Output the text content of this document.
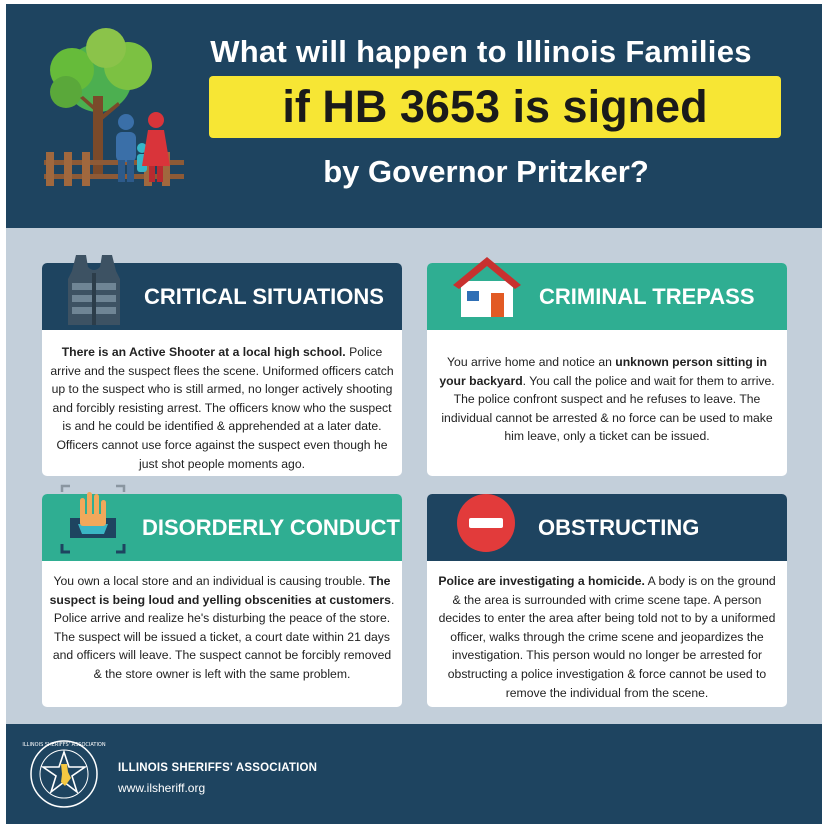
What will happen to Illinois Families
if HB 3653 is signed
by Governor Pritzker?
CRITICAL SITUATIONS
There is an Active Shooter at a local high school. Police arrive and the suspect flees the scene. Uniformed officers catch up to the suspect who is still armed, no longer actively shooting and forcibly resisting arrest. The officers know who the suspect is and he could be identified & apprehended at a later date. Officers cannot use force against the suspect even though he just shot people moments ago.
CRIMINAL TREPASS
You arrive home and notice an unknown person sitting in your backyard. You call the police and wait for them to arrive. The police confront suspect and he refuses to leave. The individual cannot be arrested & no force can be used to make him leave, only a ticket can be issued.
DISORDERLY CONDUCT
You own a local store and an individual is causing trouble. The suspect is being loud and yelling obscenities at customers. Police arrive and realize he's disturbing the peace of the store. The suspect will be issued a ticket, a court date within 21 days and officers will leave. The suspect cannot be forcibly removed & the store owner is left with the same problem.
OBSTRUCTING
Police are investigating a homicide. A body is on the ground & the area is surrounded with crime scene tape. A person decides to enter the area after being told not to by a uniformed officer, walks through the crime scene and jeopardizes the investigation. This person would no longer be arrested for obstructing a police investigation & force cannot be used to remove the individual from the scene.
ILLINOIS SHERIFFS' ASSOCIATION
ILLINOIS SHERIFFS' ASSOCIATION
www.ilsheriff.org
